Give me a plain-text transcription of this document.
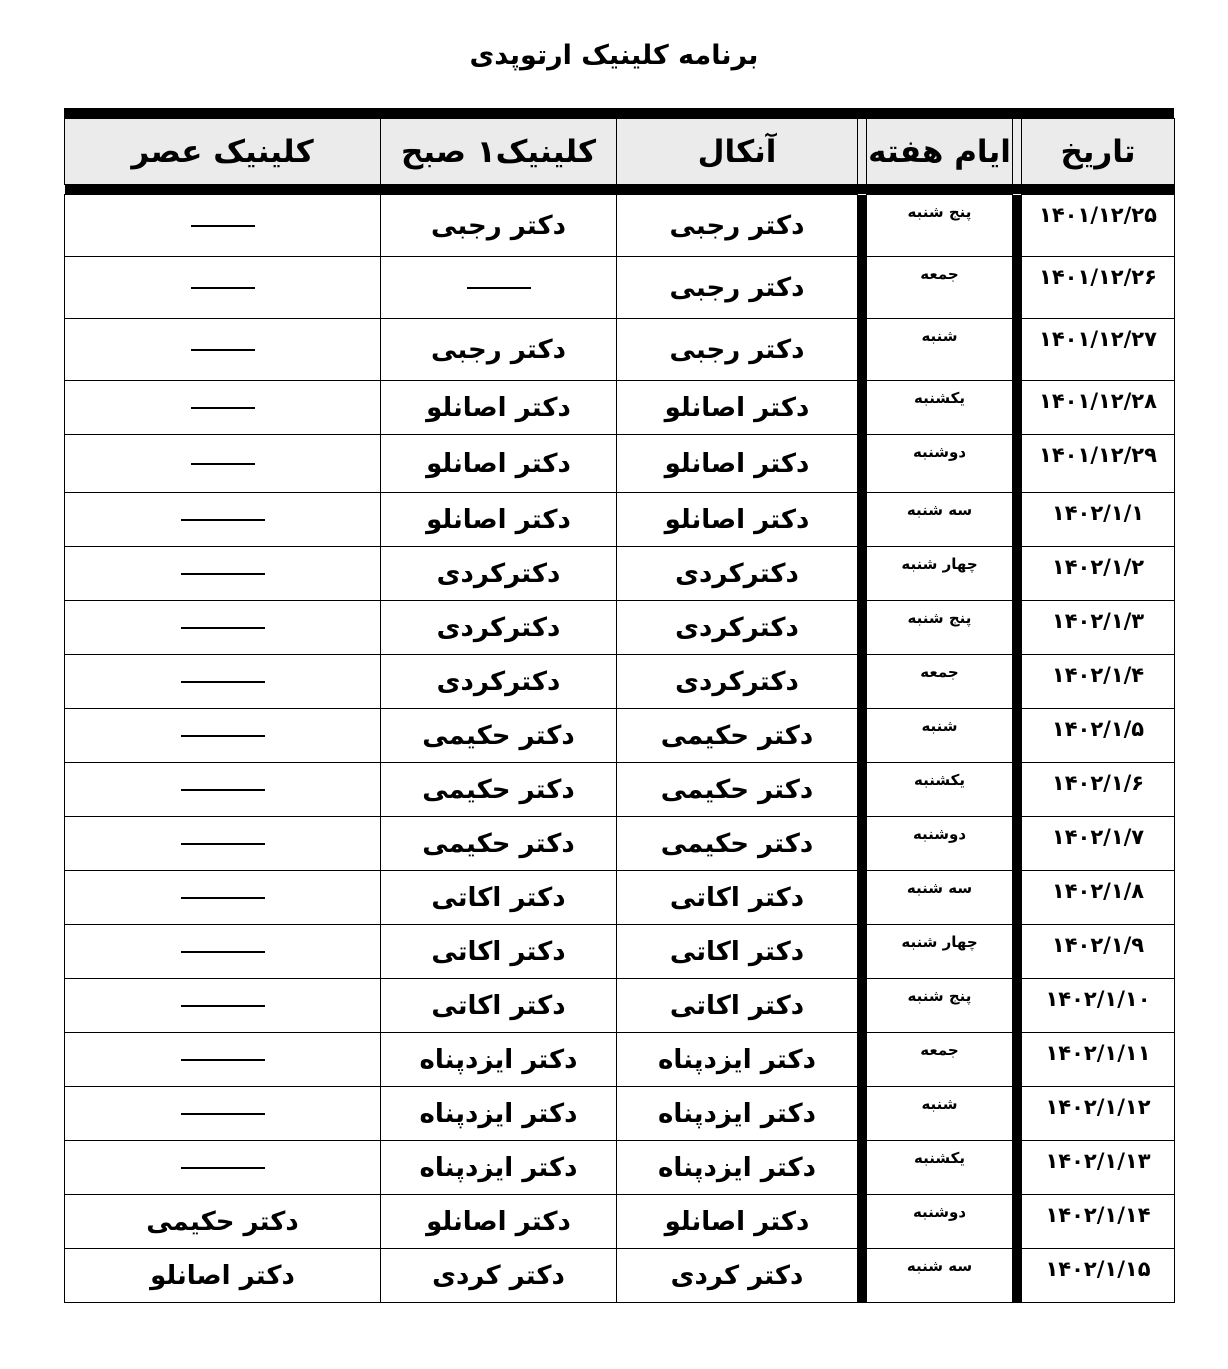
برنامه کلینیک ارتوپدی
کلینیک عصر	کلینیک۱ صبح	آنکال		ایام هفته		تاریخ

	دکتر رجبی	دکتر رجبی		پنج شنبه		۱۴۰۱/۱۲/۲۵
		دکتر رجبی		جمعه		۱۴۰۱/۱۲/۲۶
	دکتر رجبی	دکتر رجبی		شنبه		۱۴۰۱/۱۲/۲۷
	دکتر اصانلو	دکتر اصانلو		یکشنبه		۱۴۰۱/۱۲/۲۸
	دکتر اصانلو	دکتر اصانلو		دوشنبه		۱۴۰۱/۱۲/۲۹
	دکتر اصانلو	دکتر اصانلو		سه شنبه		۱۴۰۲/۱/۱
	دکترکردی	دکترکردی		چهار شنبه		۱۴۰۲/۱/۲
	دکترکردی	دکترکردی		پنج شنبه		۱۴۰۲/۱/۳
	دکترکردی	دکترکردی		جمعه		۱۴۰۲/۱/۴
	دکتر حکیمی	دکتر حکیمی		شنبه		۱۴۰۲/۱/۵
	دکتر حکیمی	دکتر حکیمی		یکشنبه		۱۴۰۲/۱/۶
	دکتر حکیمی	دکتر حکیمی		دوشنبه		۱۴۰۲/۱/۷
	دکتر اکاتی	دکتر اکاتی		سه شنبه		۱۴۰۲/۱/۸
	دکتر اکاتی	دکتر اکاتی		چهار شنبه		۱۴۰۲/۱/۹
	دکتر اکاتی	دکتر اکاتی		پنج شنبه		۱۴۰۲/۱/۱۰
	دکتر ایزدپناه	دکتر ایزدپناه		جمعه		۱۴۰۲/۱/۱۱
	دکتر ایزدپناه	دکتر ایزدپناه		شنبه		۱۴۰۲/۱/۱۲
	دکتر ایزدپناه	دکتر ایزدپناه		یکشنبه		۱۴۰۲/۱/۱۳
دکتر حکیمی	دکتر اصانلو	دکتر اصانلو		دوشنبه		۱۴۰۲/۱/۱۴
دکتر اصانلو	دکتر کردی	دکتر کردی		سه شنبه		۱۴۰۲/۱/۱۵
